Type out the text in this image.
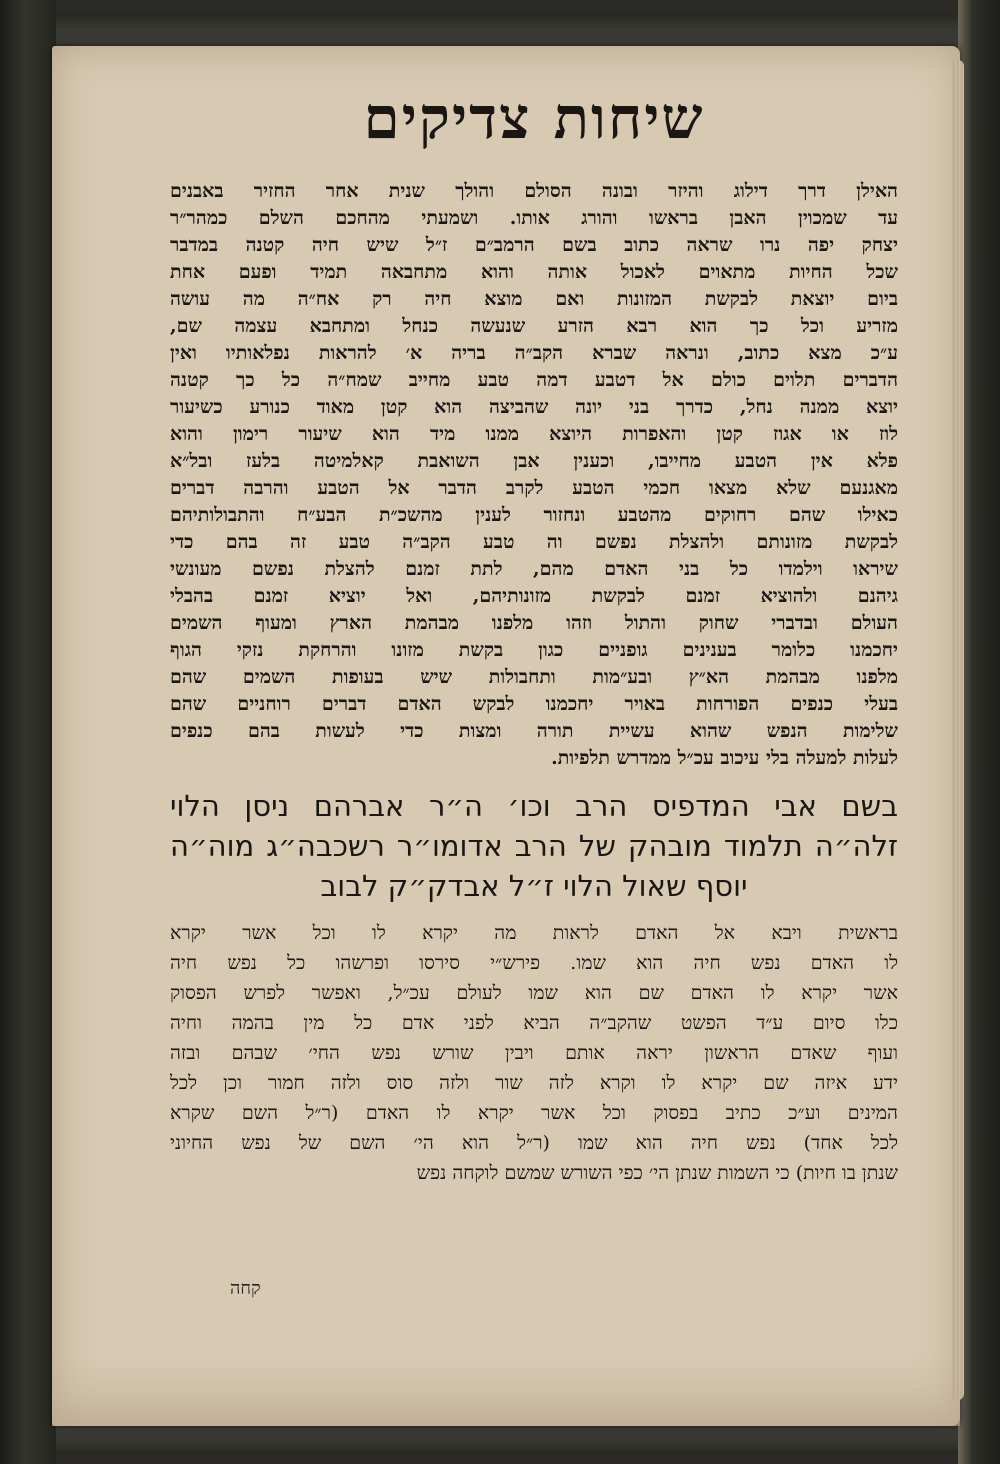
שיחות צדיקים
האילן דרך דילוג והיזר ובונה הסולם והולך שנית אחר החזיר באבנים
עד שמכוין האבן בראשו והורג אותו. ושמעתי מהחכם השלם כמהר״ר
יצחק יפה נרו שראה כתוב בשם הרמב״ם ז״ל שיש חיה קטנה במדבר
שכל החיות מתאוים לאכול אותה והוא מתחבאה תמיד ופעם אחת
ביום יוצאת לבקשת המזונות ואם מוצא חיה רק אח״ה מה עושה
מזריע וכל כך הוא רבא הזרע שנעשה כנחל ומתחבא עצמה שם,
ע״כ מצא כתוב, ונראה שברא הקב״ה בריה א׳ להראות נפלאותיו ואין
הדברים תלוים כולם אל דטבע דמה טבע מחייב שמח״ה כל כך קטנה
יוצא ממנה נחל, כדרך בני יונה שהביצה הוא קטן מאוד כנורע כשיעור
לוז או אגוז קטן והאפרות היוצא ממנו מיד הוא שיעור רימון והוא
פלא אין הטבע מחייבו, וכענין אבן השואבת קאלמיטה בלעז ובל״א
מאגנעם שלא מצאו חכמי הטבע לקרב הדבר אל הטבע והרבה דברים
כאילו שהם רחוקים מהטבע ונחזור לענין מהשכ״ת הבע״ח והתבולותיהם
לבקשת מזונותם ולהצלת נפשם וה טבע הקב״ה טבע זה בהם כדי
שיראו וילמדו כל בני האדם מהם, לתת זמנם להצלת נפשם מעונשי
גיהנם ולהוציא זמנם לבקשת מזונותיהם, ואל יוציא זמנם בהבלי
העולם ובדברי שחוק והתול וזהו מלפנו מבהמת הארץ ומעוף השמים
יחכמנו כלומר בענינים גופניים כגון בקשת מזונו והרחקת נזקי הגוף
מלפנו מבהמת הא״ץ ובע״מות ותחבולות שיש בעופות השמים שהם
בעלי כנפים הפורחות באויר יחכמנו לבקש האדם דברים רוחניים שהם
שלימות הנפש שהוא עשיית תורה ומצות כדי לעשות בהם כנפים
לעלות למעלה בלי עיכוב עכ״ל ממדרש תלפיות.
בשם אבי המדפיס הרב וכו׳ ה״ר אברהם ניסן הלוי
זלה״ה תלמוד מובהק של הרב אדומו״ר רשכבה״ג מוה״ה
יוסף שאול הלוי ז״ל אבדק״ק לבוב
בראשית ויבא אל האדם לראות מה יקרא לו וכל אשר יקרא
לו האדם נפש חיה הוא שמו. פירש״י סירסו ופרשהו כל נפש חיה
אשר יקרא לו האדם שם הוא שמו לעולם עכ״ל, ואפשר לפרש הפסוק
כלו סיום ע״ד הפשט שהקב״ה הביא לפני אדם כל מין בהמה וחיה
ועוף שאדם הראשון יראה אותם ויבין שורש נפש החי׳ שבהם ובזה
ידע איזה שם יקרא לו וקרא לזה שור ולזה סוס ולזה חמור וכן לכל
המינים וע״כ כתיב בפסוק וכל אשר יקרא לו האדם (ר״ל השם שקרא
לכל אחד) נפש חיה הוא שמו (ר״ל הוא הי׳ השם של נפש החיוני
שנתן בו חיות) כי השמות שנתן הי׳ כפי השורש שמשם לוקחה נפש
קחה
